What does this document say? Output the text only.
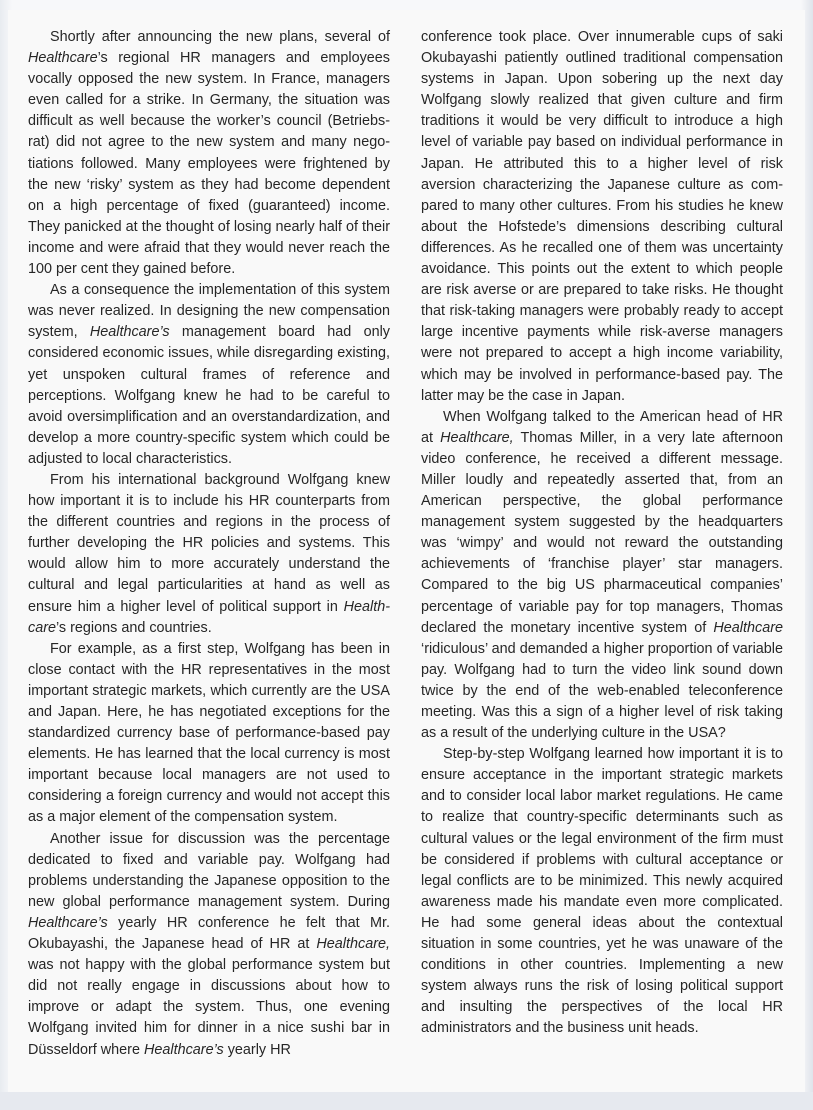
Shortly after announcing the new plans, several of Healthcare’s regional HR managers and employees vocally opposed the new system. In France, managers even called for a strike. In Germany, the situation was difficult as well because the worker’s council (Betriebsrat) did not agree to the new system and many negotiations followed. Many employees were frightened by the new ‘risky’ system as they had become dependent on a high percentage of fixed (guaranteed) income. They panicked at the thought of losing nearly half of their income and were afraid that they would never reach the 100 per cent they gained before.

As a consequence the implementation of this system was never realized. In designing the new compensation system, Healthcare’s management board had only considered economic issues, while disregarding existing, yet unspoken cultural frames of reference and perceptions. Wolfgang knew he had to be careful to avoid oversimplification and an overstandardization, and develop a more country-specific system which could be adjusted to local characteristics.

From his international background Wolfgang knew how important it is to include his HR counterparts from the different countries and regions in the process of further developing the HR policies and systems. This would allow him to more accurately understand the cultural and legal particularities at hand as well as ensure him a higher level of political support in Healthcare’s regions and countries.

For example, as a first step, Wolfgang has been in close contact with the HR representatives in the most important strategic markets, which currently are the USA and Japan. Here, he has negotiated exceptions for the standardized currency base of performance-based pay elements. He has learned that the local currency is most important because local managers are not used to considering a foreign currency and would not accept this as a major element of the compensation system.

Another issue for discussion was the percentage dedicated to fixed and variable pay. Wolfgang had problems understanding the Japanese opposition to the new global performance management system. During Healthcare’s yearly HR conference he felt that Mr. Okubayashi, the Japanese head of HR at Healthcare, was not happy with the global performance system but did not really engage in discussions about how to improve or adapt the system. Thus, one evening Wolfgang invited him for dinner in a nice sushi bar in Düsseldorf where Healthcare’s yearly HR

conference took place. Over innumerable cups of saki Okubayashi patiently outlined traditional compensation systems in Japan. Upon sobering up the next day Wolfgang slowly realized that given culture and firm traditions it would be very difficult to introduce a high level of variable pay based on individual performance in Japan. He attributed this to a higher level of risk aversion characterizing the Japanese culture as compared to many other cultures. From his studies he knew about the Hofstede’s dimensions describing cultural differences. As he recalled one of them was uncertainty avoidance. This points out the extent to which people are risk averse or are prepared to take risks. He thought that risk-taking managers were probably ready to accept large incentive payments while risk-averse managers were not prepared to accept a high income variability, which may be involved in performance-based pay. The latter may be the case in Japan.

When Wolfgang talked to the American head of HR at Healthcare, Thomas Miller, in a very late afternoon video conference, he received a different message. Miller loudly and repeatedly asserted that, from an American perspective, the global performance management system suggested by the headquarters was ‘wimpy’ and would not reward the outstanding achievements of ‘franchise player’ star managers. Compared to the big US pharmaceutical companies’ percentage of variable pay for top managers, Thomas declared the monetary incentive system of Healthcare ‘ridiculous’ and demanded a higher proportion of variable pay. Wolfgang had to turn the video link sound down twice by the end of the web-enabled teleconference meeting. Was this a sign of a higher level of risk taking as a result of the underlying culture in the USA?

Step-by-step Wolfgang learned how important it is to ensure acceptance in the important strategic markets and to consider local labor market regulations. He came to realize that country-specific determinants such as cultural values or the legal environment of the firm must be considered if problems with cultural acceptance or legal conflicts are to be minimized. This newly acquired awareness made his mandate even more complicated. He had some general ideas about the contextual situation in some countries, yet he was unaware of the conditions in other countries. Implementing a new system always runs the risk of losing political support and insulting the perspectives of the local HR administrators and the business unit heads.
